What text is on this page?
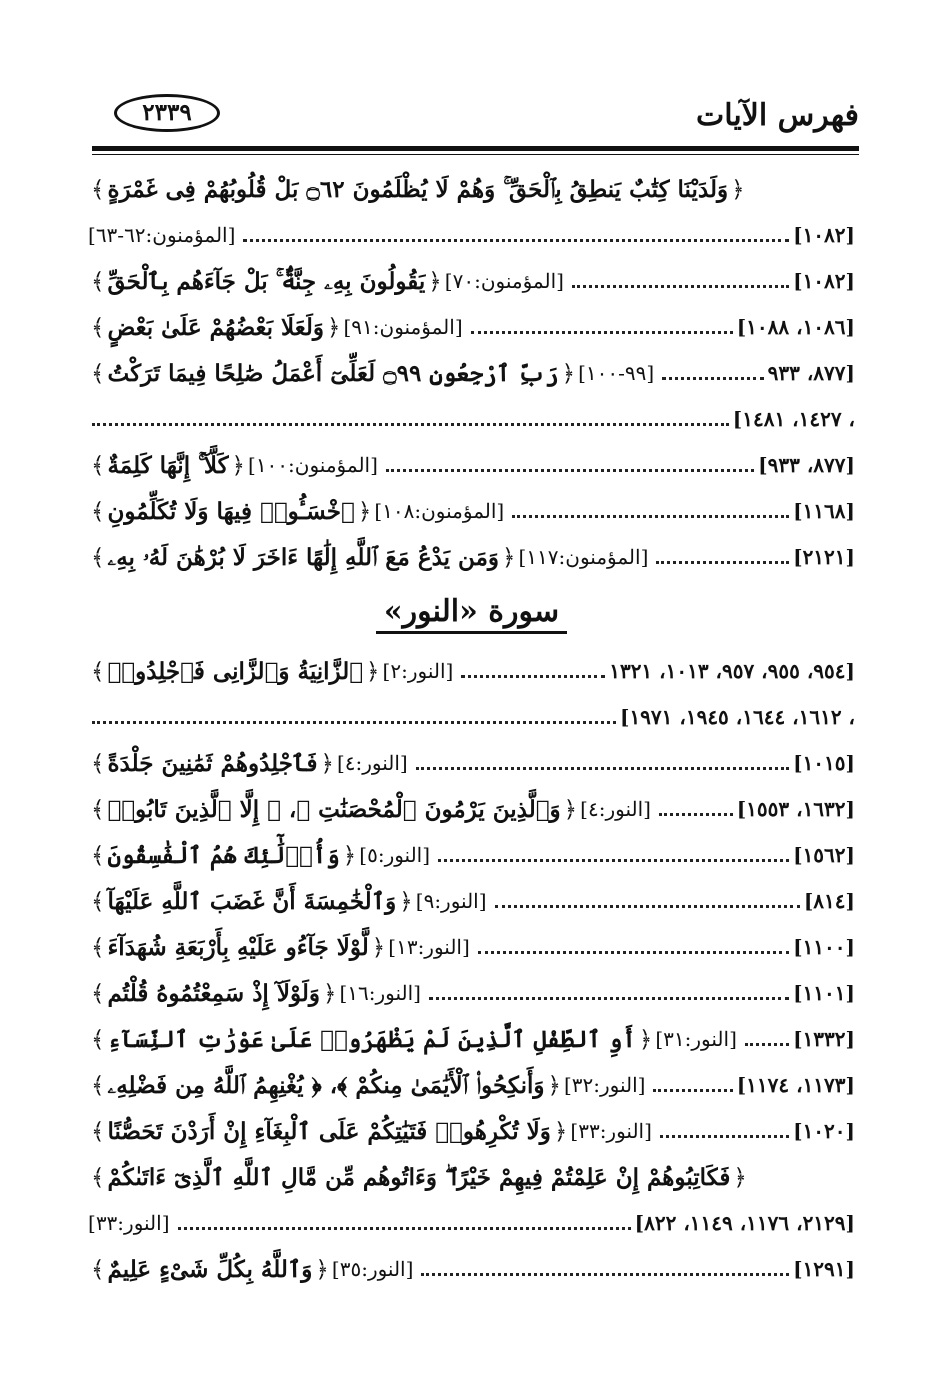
فهرس الآيات
٢٣٣٩
﴿وَلَدَيْنَا كِتَٰبٌ يَنطِقُ بِٱلْحَقِّ ۚ وَهُمْ لَا يُظْلَمُونَ ۝٦٢ بَلْ قُلُوبُهُمْ فِى غَمْرَةٍ﴾
[المؤمنون:٦٢-٦٣]	[١٠٨٢]
﴿يَقُولُونَ بِهِۦ جِنَّةٌۢ ۚ بَلْ جَآءَهُم بِٱلْحَقِّ﴾	[المؤمنون:٧٠]	[١٠٨٢]
﴿وَلَعَلَا بَعْضُهُمْ عَلَىٰ بَعْضٍ﴾	[المؤمنون:٩١]	[١٠٨٦، ١٠٨٨]
﴿رَبِّ ٱرْجِعُونِ ۝٩٩ لَعَلِّىٓ أَعْمَلُ صَٰلِحًا فِيمَا تَرَكْتُ﴾	[٩٩-١٠٠]	[٨٧٧، ٩٣٣
، ١٤٢٧، ١٤٨١]
﴿كَلَّآ ۚ إِنَّهَا كَلِمَةٌ﴾	[المؤمنون:١٠٠]	[٨٧٧، ٩٣٣]
﴿ٱخْسَـُٔوا۟ فِيهَا وَلَا تُكَلِّمُونِ﴾	[المؤمنون:١٠٨]	[١١٦٨]
﴿وَمَن يَدْعُ مَعَ ٱللَّهِ إِلَٰهًا ءَاخَرَ لَا بُرْهَٰنَ لَهُۥ بِهِۦ﴾	[المؤمنون:١١٧]	[٢١٢١]
سورة «النور»
﴿ٱلزَّانِيَةُ وَٱلزَّانِى فَٱجْلِدُوا۟﴾	[النور:٢]	[٩٥٤، ٩٥٥، ٩٥٧، ١٠١٣، ١٣٢١
، ١٦١٢، ١٦٤٤، ١٩٤٥، ١٩٧١]
﴿فَٱجْلِدُوهُمْ ثَمَٰنِينَ جَلْدَةً﴾	[النور:٤]	[١٠١٥]
﴿وَٱلَّذِينَ يَرْمُونَ ٱلْمُحْصَنَٰتِ ﴾، ﴿ إِلَّا ٱلَّذِينَ تَابُوا۟﴾	[النور:٤]	[١٦٣٢، ١٥٥٣]
﴿وَأُو۟لَٰٓئِكَ هُمُ ٱلْفَٰسِقُونَ﴾	[النور:٥]	[١٥٦٢]
﴿وَٱلْخَٰمِسَةَ أَنَّ غَضَبَ ٱللَّهِ عَلَيْهَآ﴾	[النور:٩]	[٨١٤]
﴿لَّوْلَا جَآءُو عَلَيْهِ بِأَرْبَعَةِ شُهَدَآءَ﴾	[النور:١٣]	[١١٠٠]
﴿وَلَوْلَآ إِذْ سَمِعْتُمُوهُ قُلْتُم﴾	[النور:١٦]	[١١٠١]
﴿أَوِ ٱلطِّفْلِ ٱلَّذِينَ لَمْ يَظْهَرُوا۟ عَلَىٰ عَوْرَٰتِ ٱلنِّسَآءِ﴾	[النور:٣١]	[١٣٣٢]
﴿وَأَنكِحُوا۟ ٱلْأَيَٰمَىٰ مِنكُمْ ﴾، ﴿ يُغْنِهِمُ ٱللَّهُ مِن فَضْلِهِۦ﴾	[النور:٣٢]	[١١٧٣، ١١٧٤]
﴿وَلَا تُكْرِهُوا۟ فَتَيَٰتِكُمْ عَلَى ٱلْبِغَآءِ إِنْ أَرَدْنَ تَحَصُّنًا﴾	[النور:٣٣]	[١٠٢٠]
﴿فَكَاتِبُوهُمْ إِنْ عَلِمْتُمْ فِيهِمْ خَيْرًا ۖ وَءَاتُوهُم مِّن مَّالِ ٱللَّهِ ٱلَّذِىٓ ءَاتَىٰكُمْ﴾
[النور:٣٣]	[٢١٢٩، ١١٧٦، ١١٤٩، ٨٢٢]
﴿وَٱللَّهُ بِكُلِّ شَىْءٍ عَلِيمٌ﴾	[النور:٣٥]	[١٢٩١]
